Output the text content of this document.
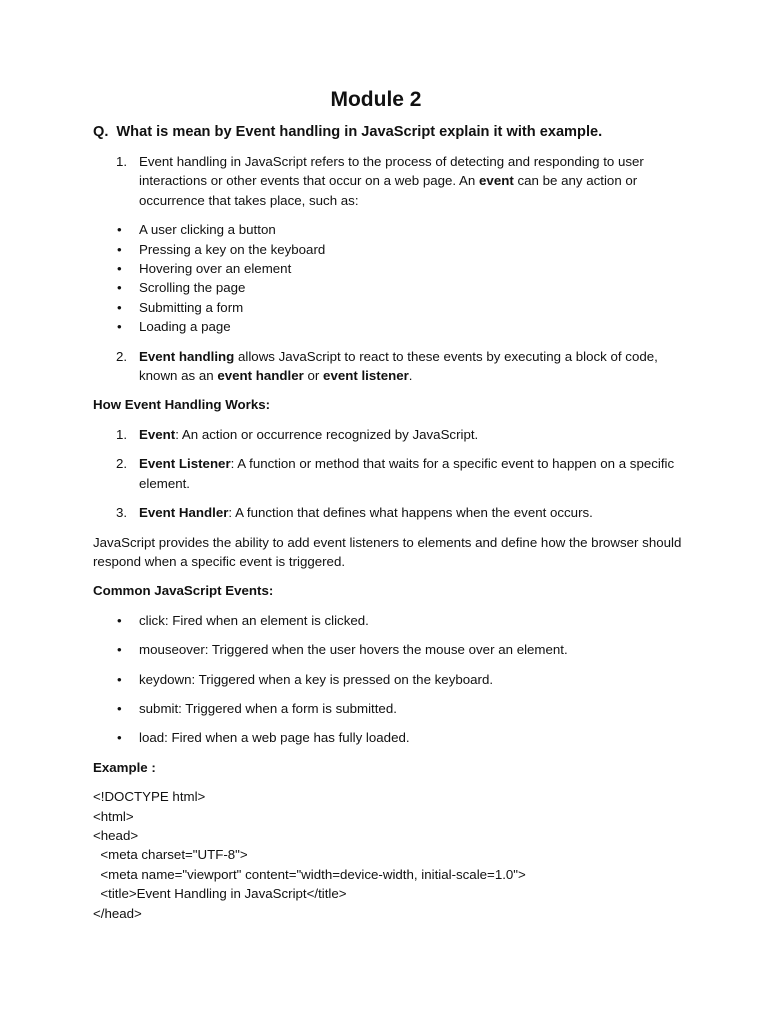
Module 2
Q. What is mean by Event handling in JavaScript explain it with example.
1. Event handling in JavaScript refers to the process of detecting and responding to user interactions or other events that occur on a web page. An event can be any action or occurrence that takes place, such as:
• A user clicking a button
• Pressing a key on the keyboard
• Hovering over an element
• Scrolling the page
• Submitting a form
• Loading a page
2. Event handling allows JavaScript to react to these events by executing a block of code, known as an event handler or event listener.
How Event Handling Works:
1. Event: An action or occurrence recognized by JavaScript.
2. Event Listener: A function or method that waits for a specific event to happen on a specific element.
3. Event Handler: A function that defines what happens when the event occurs.
JavaScript provides the ability to add event listeners to elements and define how the browser should respond when a specific event is triggered.
Common JavaScript Events:
• click: Fired when an element is clicked.
• mouseover: Triggered when the user hovers the mouse over an element.
• keydown: Triggered when a key is pressed on the keyboard.
• submit: Triggered when a form is submitted.
• load: Fired when a web page has fully loaded.
Example :
<!DOCTYPE html>
<html>
<head>
<meta charset="UTF-8">
<meta name="viewport" content="width=device-width, initial-scale=1.0">
<title>Event Handling in JavaScript</title>
</head>
